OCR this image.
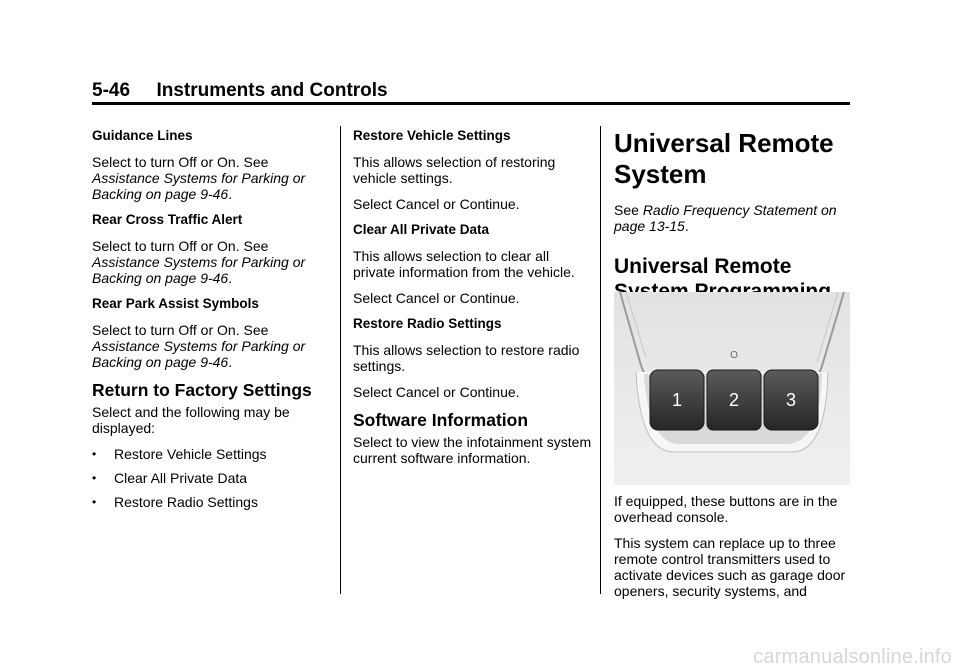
5-46 Instruments and Controls
Guidance Lines

Select to turn Off or On. See Assistance Systems for Parking or Backing on page 9-46.

Rear Cross Traffic Alert

Select to turn Off or On. See Assistance Systems for Parking or Backing on page 9-46.

Rear Park Assist Symbols

Select to turn Off or On. See Assistance Systems for Parking or Backing on page 9-46.

Return to Factory Settings

Select and the following may be displayed:

• Restore Vehicle Settings
• Clear All Private Data
• Restore Radio Settings
Restore Vehicle Settings

This allows selection of restoring vehicle settings.

Select Cancel or Continue.

Clear All Private Data

This allows selection to clear all private information from the vehicle.

Select Cancel or Continue.

Restore Radio Settings

This allows selection to restore radio settings.

Select Cancel or Continue.

Software Information

Select to view the infotainment system current software information.

Universal Remote System

See Radio Frequency Statement on page 13-15.

Universal Remote
1	2	3
O

If equipped, these buttons are in the overhead console.

This system can replace up to three remote control transmitters used to activate devices such as garage door openers, security systems, and

carmanualsonline.info
